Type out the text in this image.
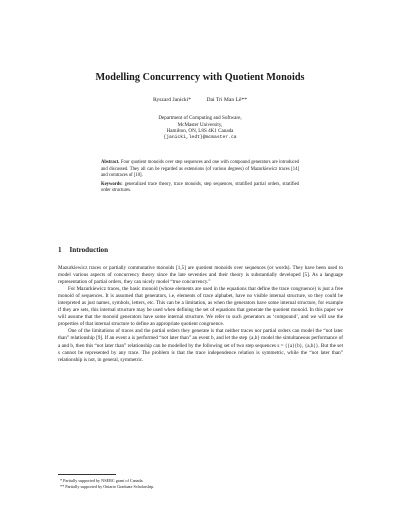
Modelling Concurrency with Quotient Monoids
Ryszard Janicki*	Dai Tri Man Lê**
Department of Computing and Software,
McMaster University,
Hamilton, ON, L8S 4K1 Canada
{janicki,ledt}@mcmaster.ca

Abstract. Four quotient monoids over step sequences and one with compound generators are introduced and discussed. They all can be regarded as extensions (of various degrees) of Mazurkiewicz traces [14] and comtraces of [10].

Keywords: generalized trace theory, trace monoids, step sequences, stratified partial orders, stratified order structures.

1 Introduction

Mazurkiewicz traces or partially commutative monoids [1,5] are quotient monoids over sequences (or words). They have been used to model various aspects of concurrency theory since the late seventies and their theory is substantially developed [5]. As a language representation of partial orders, they can nicely model “true concurrency.”

For Mazurkiewicz traces, the basic monoid (whose elements are used in the equations that define the trace congruence) is just a free monoid of sequences. It is assumed that generators, i.e, elements of trace alphabet, have no visible internal structure, so they could be interpreted as just names, symbols, letters, etc. This can be a limitation, as when the generators have some internal structure, for example if they are sets, this internal structure may be used when defining the set of equations that generate the quotient monoid. In this paper we will assume that the monoid generators have some internal structure. We refer to such generators as ‘compound’, and we will use the properties of that internal structure to define an appropriate quotient congruence.

One of the limitations of traces and the partial orders they generate is that neither traces nor partial orders can model the “not later than” relationship [9]. If an event a is performed “not later than” an event b, and let the step {a,b} model the simultaneous performance of a and b, then this “not later than” relationship can be modelled by the following set of two step sequences s = {{a}{b}, {a,b}}. But the set s cannot be represented by any trace. The problem is that the trace independence relation is symmetric, while the “not later than” relationship is not, in general, symmetric.

* Partially supported by NSERC grant of Canada.
** Partially supported by Ontario Graduate Scholarship.
